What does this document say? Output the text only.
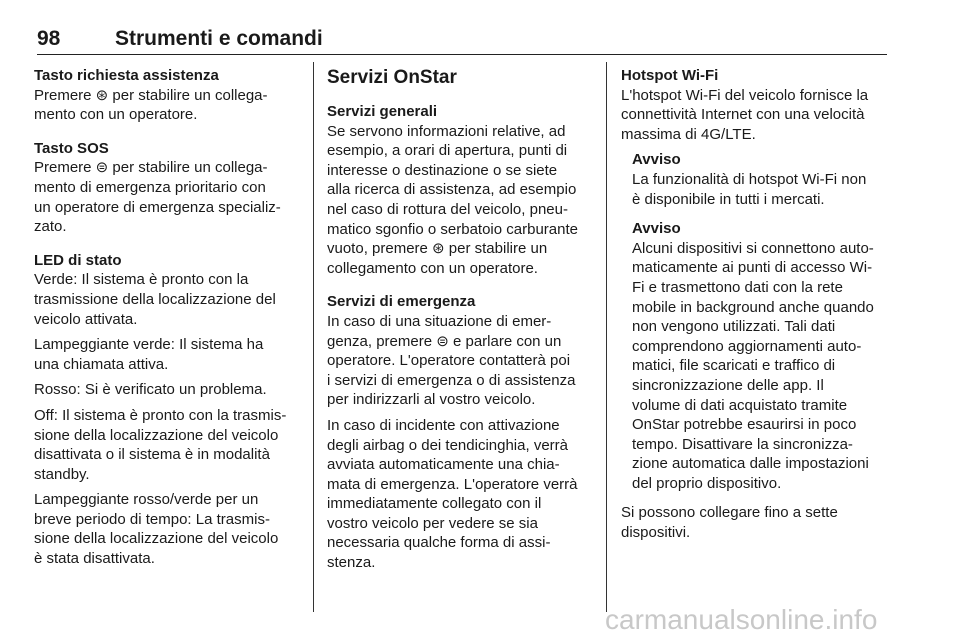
98	Strumenti e comandi

Tasto richiesta assistenza

Premere ⊛ per stabilire un collega-
mento con un operatore.

Tasto SOS

Premere ⊜ per stabilire un collega-
mento di emergenza prioritario con
un operatore di emergenza specializ-
zato.

LED di stato

Verde: Il sistema è pronto con la
trasmissione della localizzazione del
veicolo attivata.

Lampeggiante verde: Il sistema ha
una chiamata attiva.

Rosso: Si è verificato un problema.

Off: Il sistema è pronto con la trasmis-
sione della localizzazione del veicolo
disattivata o il sistema è in modalità
standby.

Lampeggiante rosso/verde per un
breve periodo di tempo: La trasmis-
sione della localizzazione del veicolo
è stata disattivata.

Servizi OnStar

Servizi generali

Se servono informazioni relative, ad
esempio, a orari di apertura, punti di
interesse o destinazione o se siete
alla ricerca di assistenza, ad esempio
nel caso di rottura del veicolo, pneu-
matico sgonfio o serbatoio carburante
vuoto, premere ⊛ per stabilire un
collegamento con un operatore.

Servizi di emergenza

In caso di una situazione di emer-
genza, premere ⊜ e parlare con un
operatore. L'operatore contatterà poi
i servizi di emergenza o di assistenza
per indirizzarli al vostro veicolo.

In caso di incidente con attivazione
degli airbag o dei tendicinghia, verrà
avviata automaticamente una chia-
mata di emergenza. L'operatore verrà
immediatamente collegato con il
vostro veicolo per vedere se sia
necessaria qualche forma di assi-
stenza.

Hotspot Wi-Fi

L'hotspot Wi-Fi del veicolo fornisce la
connettività Internet con una velocità
massima di 4G/LTE.

Avviso

La funzionalità di hotspot Wi-Fi non
è disponibile in tutti i mercati.

Avviso

Alcuni dispositivi si connettono auto-
maticamente ai punti di accesso Wi-
Fi e trasmettono dati con la rete
mobile in background anche quando
non vengono utilizzati. Tali dati
comprendono aggiornamenti auto-
matici, file scaricati e traffico di
sincronizzazione delle app. Il
volume di dati acquistato tramite
OnStar potrebbe esaurirsi in poco
tempo. Disattivare la sincronizza-
zione automatica dalle impostazioni
del proprio dispositivo.

Si possono collegare fino a sette
dispositivi.

carmanualsonline.info
